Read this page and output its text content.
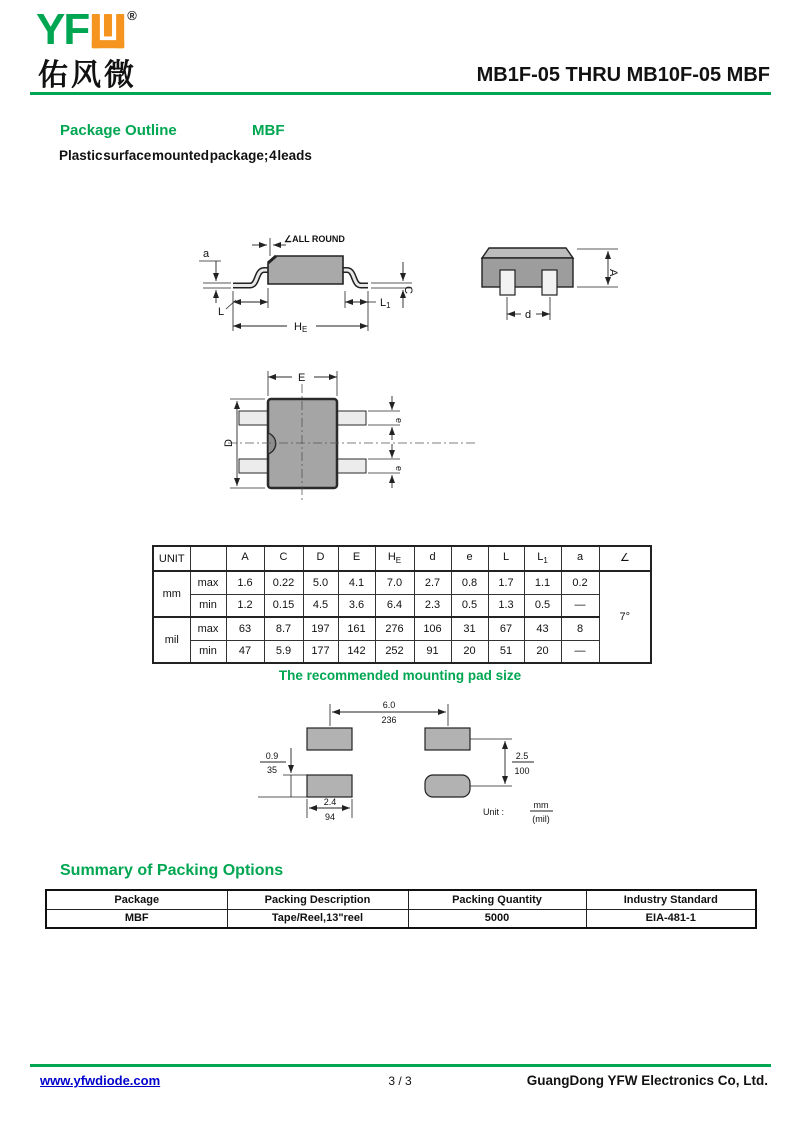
YF	®
佑风微	MB1F-05 THRU MB10F-05 MBF
Package Outline	MBF
Plastic surface mounted package; 4 leads
∠ALL ROUND
a
C
L
L1
HE
A
d
E
D
e
e
UNIT		A	C	D	E	$H_E$	d	e	L	$L_1$	a	∠
mm	max	1.6	0.22	5.0	4.1	7.0	2.7	0.8	1.7	1.1	0.2	7°
	min	1.2	0.15	4.5	3.6	6.4	2.3	0.5	1.3	0.5	—	
mil	max	63	8.7	197	161	276	106	31	67	43	8	
	min	47	5.9	177	142	252	91	20	51	20	—	
The recommended mounting pad size
6.0
236
0.9
35
2.4
94
2.5
100
Unit :
mm
(mil)
Summary of Packing Options
Package	Packing Description	Packing Quantity	Industry Standard
MBF	Tape/Reel,13"reel	5000	EIA-481-1
www.yfwdiode.com	3 / 3	GuangDong YFW Electronics Co, Ltd.
